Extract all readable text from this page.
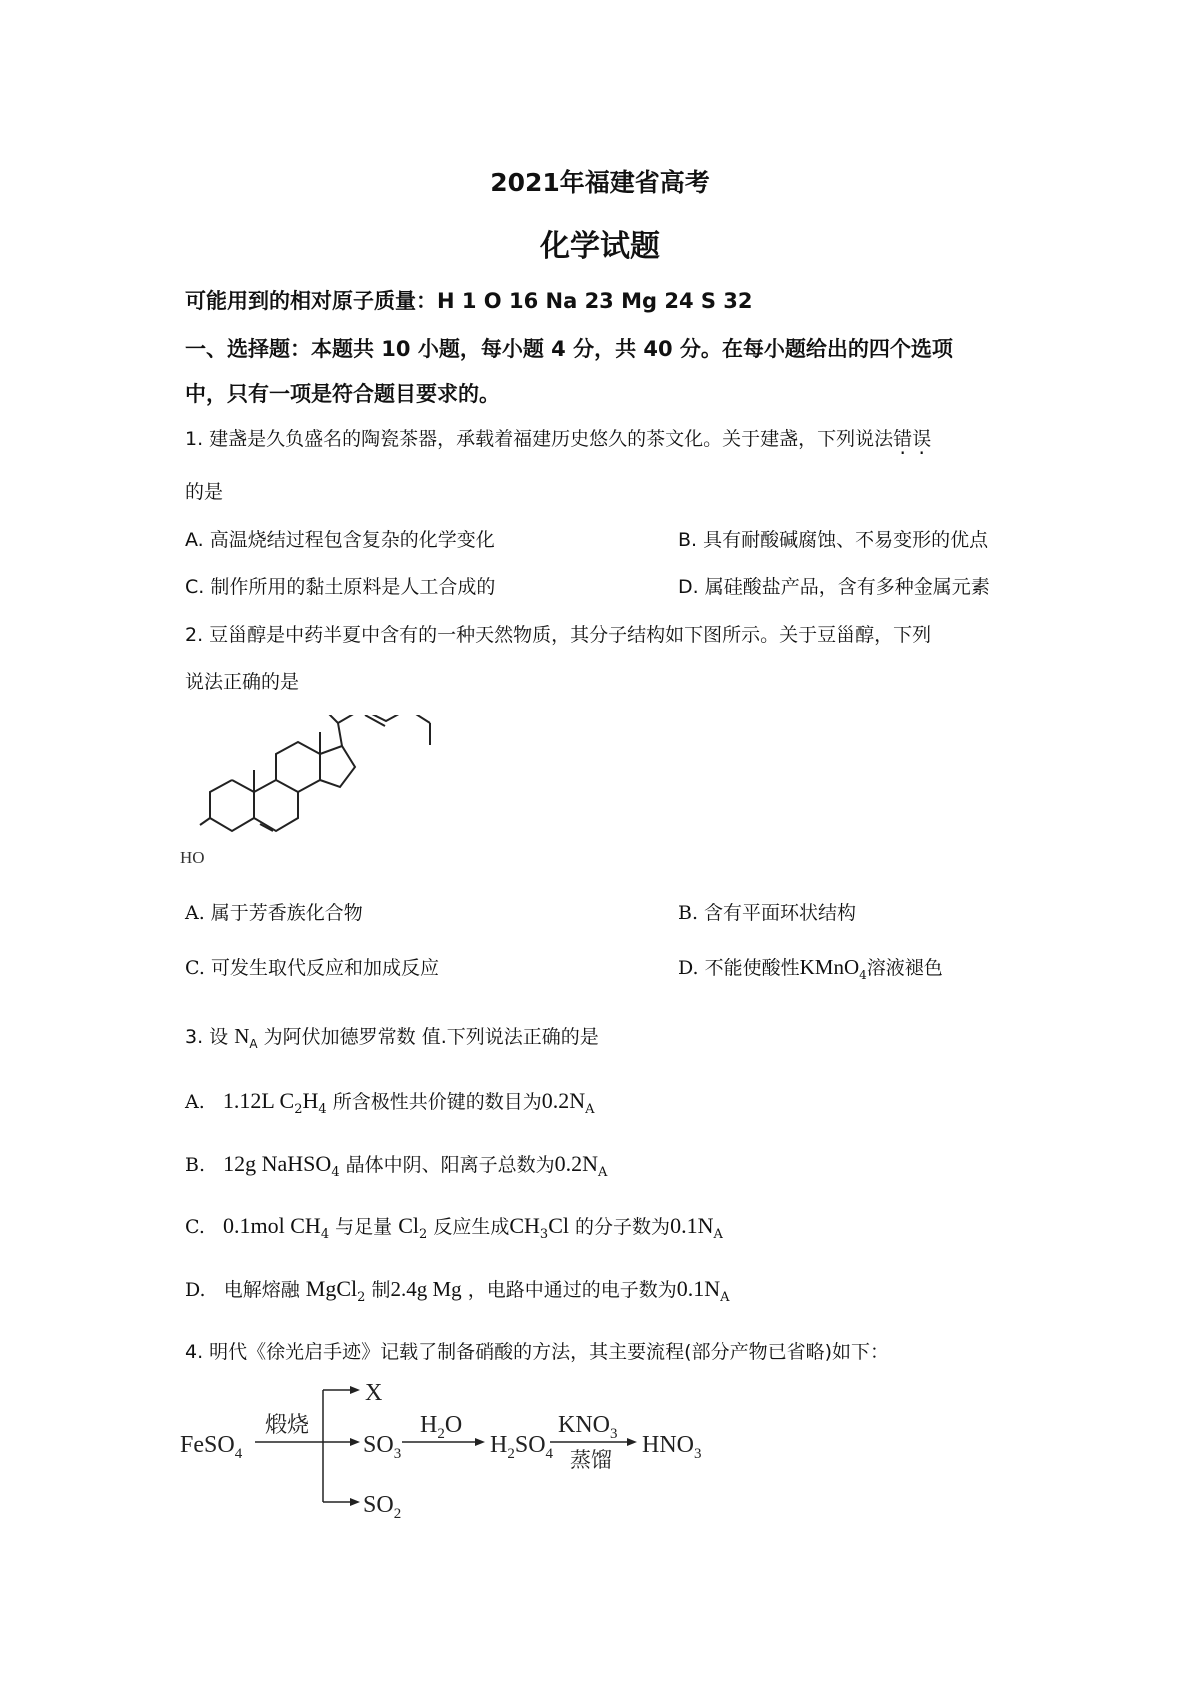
2021年福建省高考
化学试题
可能用到的相对原子质量：H 1 O 16 Na 23 Mg 24 S 32
一、选择题：本题共 10 小题，每小题 4 分，共 40 分。在每小题给出的四个选项
中，只有一项是符合题目要求的。
1. 建盏是久负盛名的陶瓷茶器，承载着福建历史悠久的茶文化。关于建盏，下列说法错误
的是
A. 高温烧结过程包含复杂的化学变化	B. 具有耐酸碱腐蚀、不易变形的优点
C. 制作所用的黏土原料是人工合成的	D. 属硅酸盐产品，含有多种金属元素
2. 豆甾醇是中药半夏中含有的一种天然物质，其分子结构如下图所示。关于豆甾醇，下列
说法正确的是
HO
A. 属于芳香族化合物	B. 含有平面环状结构
C. 可发生取代反应和加成反应	D. 不能使酸性KMnO$_4$溶液褪色
3. 设 $N_A$ 为阿伏加德罗常数 值.下列说法正确的是
A. 1.12L $C_2H_4$ 所含极性共价键的数目为$0.2N_A$
B. 12g NaHSO$_4$ 晶体中阴、阳离子总数为$0.2N_A$
C. 0.1mol $CH_4$ 与足量 $Cl_2$ 反应生成$CH_3Cl$ 的分子数为$0.1N_A$
D. 电解熔融 MgCl$_2$ 制2.4g Mg ，电路中通过的电子数为$0.1N_A$
4. 明代《徐光启手迹》记载了制备硝酸的方法，其主要流程(部分产物已省略)如下：
FeSO$_4$
煅烧
X
$SO_3$
$SO_2$
$H_2O$
$H_2SO_4$
$KNO_3$
蒸馏
$HNO_3$
